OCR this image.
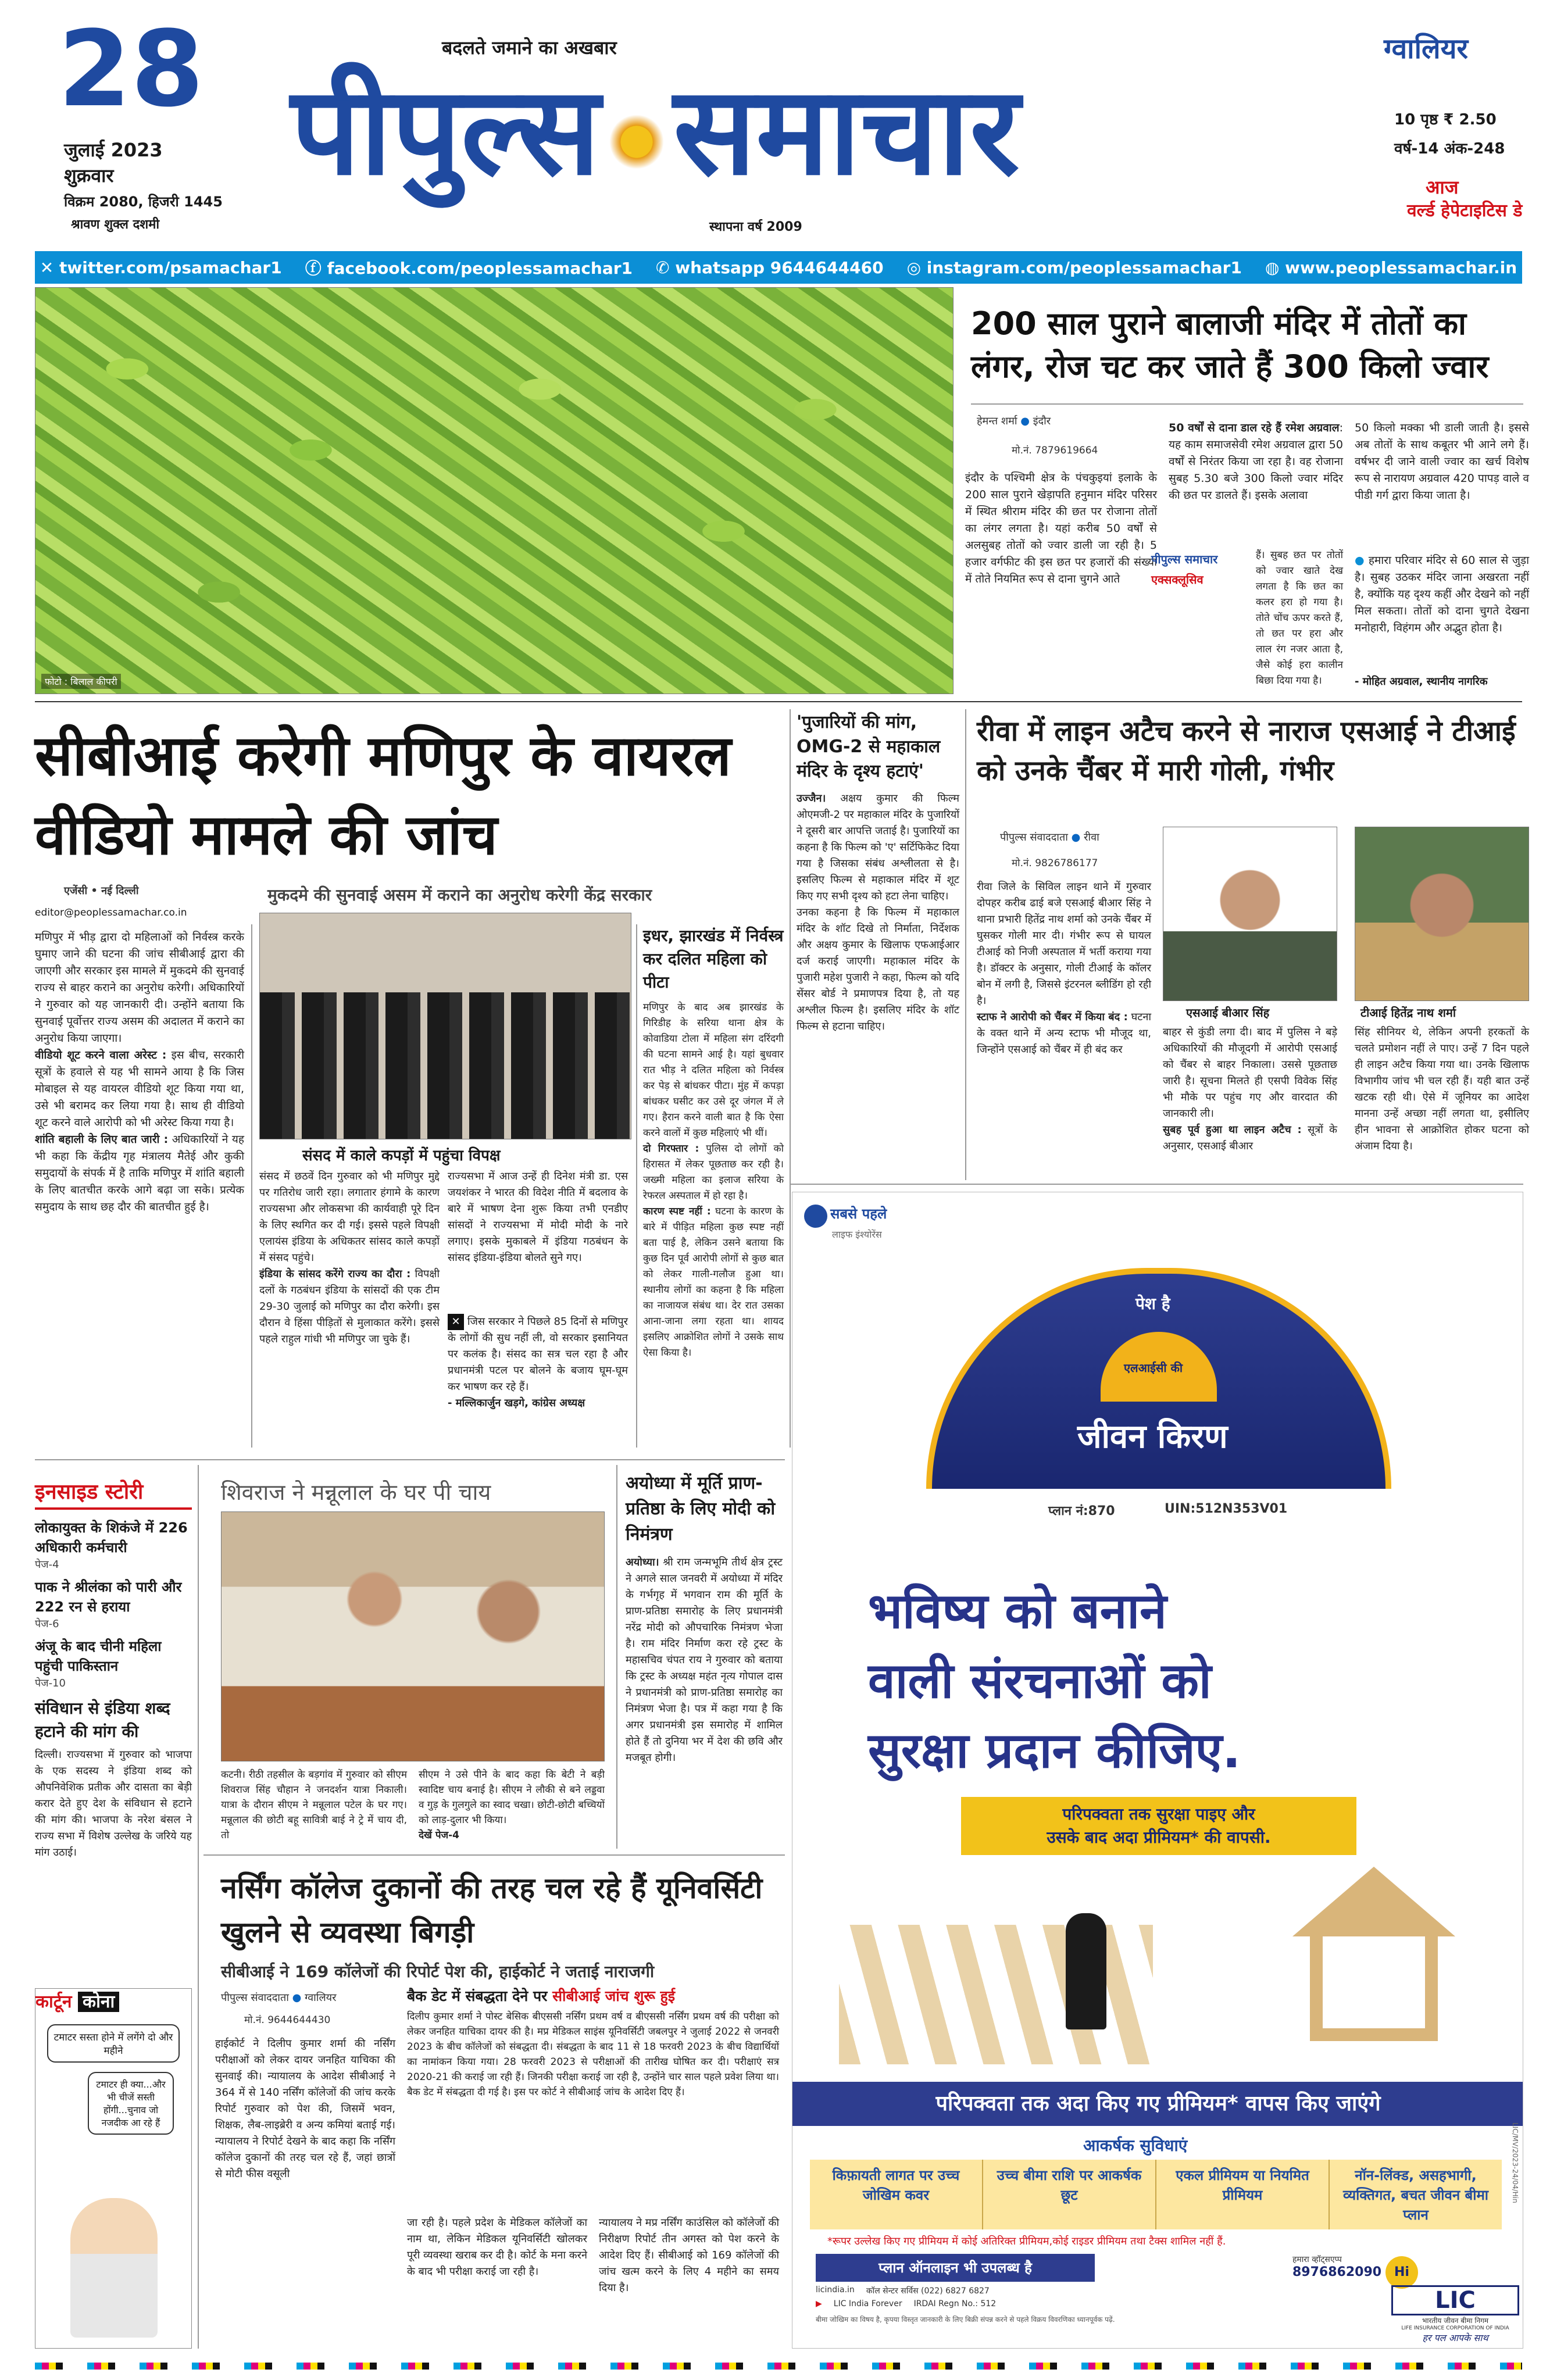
28
जुलाई 2023
शुक्रवार
विक्रम 2080, हिजरी 1445
श्रावण शुक्ल दशमी
बदलते जमाने का अखबार
पीपुल्स समाचार
स्थापना वर्ष 2009
ग्वालियर
10 पृष्ठ ₹ 2.50
वर्ष-14 अंक-248
आज
वर्ल्ड हेपेटाइटिस डे
✕ twitter.com/psamachar1 ⓕ facebook.com/peoplessamachar1 ✆ whatsapp 9644644460 ◎ instagram.com/peoplessamachar1 ◍ www.peoplessamachar.in
फोटो : बिलाल कीपरी
200 साल पुराने बालाजी मंदिर में तोतों का लंगर, रोज चट कर जाते हैं 300 किलो ज्वार
हेमन्त शर्मा ● इंदौर
मो.नं. 7879619664
इंदौर के पश्चिमी क्षेत्र के पंचकुइयां इलाके के 200 साल पुराने खेड़ापति हनुमान मंदिर परिसर में स्थित श्रीराम मंदिर की छत पर रोजाना तोतों का लंगर लगता है। यहां करीब 50 वर्षों से अलसुबह तोतों को ज्वार डाली जा रही है। 5 हजार वर्गफीट की इस छत पर हजारों की संख्या में तोते नियमित रूप से दाना चुगने आते
50 वर्षों से दाना डाल रहे हैं रमेश अग्रवाल: यह काम समाजसेवी रमेश अग्रवाल द्वारा 50 वर्षों से निरंतर किया जा रहा है। वह रोजाना सुबह 5.30 बजे 300 किलो ज्वार मंदिर की छत पर डालते हैं। इसके अलावा
पीपुल्स समाचार
एक्सक्लूसिव
हैं। सुबह छत पर तोतों को ज्वार खाते देख लगता है कि छत का कलर हरा हो गया है। तोते चोंच ऊपर करते हैं, तो छत पर हरा और लाल रंग नजर आता है, जैसे कोई हरा कालीन बिछा दिया गया है।
50 किलो मक्का भी डाली जाती है। इससे अब तोतों के साथ कबूतर भी आने लगे हैं। वर्षभर दी जाने वाली ज्वार का खर्च विशेष रूप से नारायण अग्रवाल 420 पापड़ वाले व पीडी गर्ग द्वारा किया जाता है।
● हमारा परिवार मंदिर से 60 साल से जुड़ा है। सुबह उठकर मंदिर जाना अखरता नहीं है, क्योंकि यह दृश्य कहीं और देखने को नहीं मिल सकता। तोतों को दाना चुगते देखना मनोहारी, विहंगम और अद्भुत होता है।
- मोहित अग्रवाल, स्थानीय नागरिक
सीबीआई करेगी मणिपुर के वायरल वीडियो मामले की जांच
एजेंसी • नई दिल्ली
editor@peoplessamachar.co.in
मुकदमे की सुनवाई असम में कराने का अनुरोध करेगी केंद्र सरकार
मणिपुर में भीड़ द्वारा दो महिलाओं को निर्वस्त्र करके घुमाए जाने की घटना की जांच सीबीआई द्वारा की जाएगी और सरकार इस मामले में मुकदमे की सुनवाई राज्य से बाहर कराने का अनुरोध करेगी। अधिकारियों ने गुरुवार को यह जानकारी दी। उन्होंने बताया कि सुनवाई पूर्वोत्तर राज्य असम की अदालत में कराने का अनुरोध किया जाएगा।
वीडियो शूट करने वाला अरेस्ट : इस बीच, सरकारी सूत्रों के हवाले से यह भी सामने आया है कि जिस मोबाइल से यह वायरल वीडियो शूट किया गया था, उसे भी बरामद कर लिया गया है। साथ ही वीडियो शूट करने वाले आरोपी को भी अरेस्ट किया गया है।
शांति बहाली के लिए बात जारी : अधिकारियों ने यह भी कहा कि केंद्रीय गृह मंत्रालय मैतेई और कुकी समुदायों के संपर्क में है ताकि मणिपुर में शांति बहाली के लिए बातचीत करके आगे बढ़ा जा सके। प्रत्येक समुदाय के साथ छह दौर की बातचीत हुई है।
संसद में काले कपड़ों में पहुंचा विपक्ष
संसद में छठवें दिन गुरुवार को भी मणिपुर मुद्दे पर गतिरोध जारी रहा। लगातार हंगामे के कारण राज्यसभा और लोकसभा की कार्यवाही पूरे दिन के लिए स्थगित कर दी गई। इससे पहले विपक्षी एलायंस इंडिया के अधिकतर सांसद काले कपड़ों में संसद पहुंचे।
इंडिया के सांसद करेंगे राज्य का दौरा : विपक्षी दलों के गठबंधन इंडिया के सांसदों की एक टीम 29-30 जुलाई को मणिपुर का दौरा करेगी। इस दौरान वे हिंसा पीड़ितों से मुलाकात करेंगे। इससे पहले राहुल गांधी भी मणिपुर जा चुके हैं।
राज्यसभा में आज उन्हें ही दिनेश मंत्री डा. एस जयशंकर ने भारत की विदेश नीति में बदलाव के बारे में भाषण देना शुरू किया तभी एनडीए सांसदों ने राज्यसभा में मोदी मोदी के नारे लगाए। इसके मुकाबले में इंडिया गठबंधन के सांसद इंडिया-इंडिया बोलते सुने गए।
✕ जिस सरकार ने पिछले 85 दिनों से मणिपुर के लोगों की सुध नहीं ली, वो सरकार इसानियत पर कलंक है। संसद का सत्र चल रहा है और प्रधानमंत्री पटल पर बोलने के बजाय घूम-घूम कर भाषण कर रहे हैं।
- मल्लिकार्जुन खड़गे, कांग्रेस अध्यक्ष
इधर, झारखंड में निर्वस्त्र कर दलित महिला को पीटा
मणिपुर के बाद अब झारखंड के गिरिडीह के सरिया थाना क्षेत्र के कोवाडिया टोला में महिला संग दरिंदगी की घटना सामने आई है। यहां बुधवार रात भीड़ ने दलित महिला को निर्वस्त्र कर पेड़ से बांधकर पीटा। मुंह में कपड़ा बांधकर घसीट कर उसे दूर जंगल में ले गए। हैरान करने वाली बात है कि ऐसा करने वालों में कुछ महिलाएं भी थीं।
दो गिरफ्तार : पुलिस दो लोगों को हिरासत में लेकर पूछताछ कर रही है। जख्मी महिला का इलाज सरिया के रेफरल अस्पताल में हो रहा है।
कारण स्पष्ट नहीं : घटना के कारण के बारे में पीड़ित महिला कुछ स्पष्ट नहीं बता पाई है, लेकिन उसने बताया कि कुछ दिन पूर्व आरोपी लोगों से कुछ बात को लेकर गाली-गलौज हुआ था। स्थानीय लोगों का कहना है कि महिला का नाजायज संबंध था। देर रात उसका आना-जाना लगा रहता था। शायद इसलिए आक्रोशित लोगों ने उसके साथ ऐसा किया है।
'पुजारियों की मांग, OMG-2 से महाकाल मंदिर के दृश्य हटाएं'
उज्जैन। अक्षय कुमार की फिल्म ओएमजी-2 पर महाकाल मंदिर के पुजारियों ने दूसरी बार आपत्ति जताई है। पुजारियों का कहना है कि फिल्म को 'ए' सर्टिफिकेट दिया गया है जिसका संबंध अश्लीलता से है। इसलिए फिल्म से महाकाल मंदिर में शूट किए गए सभी दृश्य को हटा लेना चाहिए।
उनका कहना है कि फिल्म में महाकाल मंदिर के शॉट दिखे तो निर्माता, निर्देशक और अक्षय कुमार के खिलाफ एफआईआर दर्ज कराई जाएगी। महाकाल मंदिर के पुजारी महेश पुजारी ने कहा, फिल्म को यदि सेंसर बोर्ड ने प्रमाणपत्र दिया है, तो यह अश्लील फिल्म है। इसलिए मंदिर के शॉट फिल्म से हटाना चाहिए।
रीवा में लाइन अटैच करने से नाराज एसआई ने टीआई को उनके चैंबर में मारी गोली, गंभीर
पीपुल्स संवाददाता ● रीवा
मो.नं. 9826786177
एसआई बीआर सिंह	टीआई हितेंद्र नाथ शर्मा
रीवा जिले के सिविल लाइन थाने में गुरुवार दोपहर करीब ढाई बजे एसआई बीआर सिंह ने थाना प्रभारी हितेंद्र नाथ शर्मा को उनके चैंबर में घुसकर गोली मार दी। गंभीर रूप से घायल टीआई को निजी अस्पताल में भर्ती कराया गया है। डॉक्टर के अनुसार, गोली टीआई के कॉलर बोन में लगी है, जिससे इंटरनल ब्लीडिंग हो रही है।
स्टाफ ने आरोपी को चैंबर में किया बंद : घटना के वक्त थाने में अन्य स्टाफ भी मौजूद था, जिन्होंने एसआई को चैंबर में ही बंद कर
बाहर से कुंडी लगा दी। बाद में पुलिस ने बड़े अधिकारियों की मौजूदगी में आरोपी एसआई को चैंबर से बाहर निकाला। उससे पूछताछ जारी है। सूचना मिलते ही एसपी विवेक सिंह भी मौके पर पहुंच गए और वारदात की जानकारी ली।
सुबह पूर्व हुआ था लाइन अटैच : सूत्रों के अनुसार, एसआई बीआर
सिंह सीनियर थे, लेकिन अपनी हरकतों के चलते प्रमोशन नहीं ले पाए। उन्हें 7 दिन पहले ही लाइन अटैच किया गया था। उनके खिलाफ विभागीय जांच भी चल रही हैं। यही बात उन्हें खटक रही थी। ऐसे में जूनियर का आदेश मानना उन्हें अच्छा नहीं लगता था, इसीलिए हीन भावना से आक्रोशित होकर घटना को अंजाम दिया है।
सबसे पहले
लाइफ इंश्योरेंस
पेश है
एलआईसी की
जीवन किरण
प्लान नं:870	UIN:512N353V01
भविष्य को बनाने
वाली संरचनाओं को
सुरक्षा प्रदान कीजिए.
परिपक्वता तक सुरक्षा पाइए और
उसके बाद अदा प्रीमियम* की वापसी.
परिपक्वता तक अदा किए गए प्रीमियम* वापस किए जाएंगे
आकर्षक सुविधाएं
किफ़ायती लागत पर उच्च जोखिम कवर
उच्च बीमा राशि पर आकर्षक छूट
एकल प्रीमियम या नियमित प्रीमियम
नॉन-लिंक्ड, असहभागी, व्यक्तिगत, बचत जीवन बीमा प्लान
*रूपर उल्लेख किए गए प्रीमियम में कोई अतिरिक्त प्रीमियम,कोई राइडर प्रीमियम तथा टैक्स शामिल नहीं हैं.
प्लान ऑनलाइन भी उपलब्ध है
licindia.in कॉल सेन्टर सर्विस (022) 6827 6827
▶ LIC India Forever IRDAI Regn No.: 512
बीमा जोखिम का विषय है, कृपया विस्तृत जानकारी के लिए बिक्री संपन्न करने से पहले विक्रय विवरणिका ध्यानपूर्वक पढ़ें.
हमारा व्हॉट्सएप्प
8976862090 Hi
LIC
भारतीय जीवन बीमा निगम
LIFE INSURANCE CORPORATION OF INDIA
हर पल आपके साथ
LIC/MV/2023-24/04/Hin
इनसाइड स्टोरी
लोकायुक्त के शिकंजे में 226 अधिकारी कर्मचारी
पेज-4
पाक ने श्रीलंका को पारी और 222 रन से हराया
पेज-6
अंजू के बाद चीनी महिला पहुंची पाकिस्तान
पेज-10
संविधान से इंडिया शब्द हटाने की मांग की
दिल्ली। राज्यसभा में गुरुवार को भाजपा के एक सदस्य ने इंडिया शब्द को औपनिवेशिक प्रतीक और दासता का बेड़ी करार देते हुए देश के संविधान से हटाने की मांग की। भाजपा के नरेश बंसल ने राज्य सभा में विशेष उल्लेख के जरिये यह मांग उठाई।
कार्टून कोना
टमाटर सस्ता होने में लगेंगे दो और महीने
टमाटर ही क्या...और भी चीजें सस्ती होंगी...चुनाव जो नजदीक आ रहे हैं
शिवराज ने मन्नूलाल के घर पी चाय
कटनी। रीठी तहसील के बड़गांव में गुरुवार को सीएम शिवराज सिंह चौहान ने जनदर्शन यात्रा निकाली। यात्रा के दौरान सीएम ने मन्नूलाल पटेल के घर गए। मन्नूलाल की छोटी बहू सावित्री बाई ने ट्रे में चाय दी, तो
सीएम ने उसे पीने के बाद कहा कि बेटी ने बड़ी स्वादिष्ट चाय बनाई है। सीएम ने लौकी से बने लड्डवा व गुड़ के गुलगुले का स्वाद चखा। छोटी-छोटी बच्चियों को लाड़-दुलार भी किया।
देखें पेज-4
अयोध्या में मूर्ति प्राण-प्रतिष्ठा के लिए मोदी को निमंत्रण
अयोध्या। श्री राम जन्मभूमि तीर्थ क्षेत्र ट्रस्ट ने अगले साल जनवरी में अयोध्या में मंदिर के गर्भगृह में भगवान राम की मूर्ति के प्राण-प्रतिष्ठा समारोह के लिए प्रधानमंत्री नरेंद्र मोदी को औपचारिक निमंत्रण भेजा है। राम मंदिर निर्माण करा रहे ट्रस्ट के महासचिव चंपत राय ने गुरुवार को बताया कि ट्रस्ट के अध्यक्ष महंत नृत्य गोपाल दास ने प्रधानमंत्री को प्राण-प्रतिष्ठा समारोह का निमंत्रण भेजा है। पत्र में कहा गया है कि अगर प्रधानमंत्री इस समारोह में शामिल होते हैं तो दुनिया भर में देश की छवि और मजबूत होगी।
नर्सिंग कॉलेज दुकानों की तरह चल रहे हैं यूनिवर्सिटी खुलने से व्यवस्था बिगड़ी
सीबीआई ने 169 कॉलेजों की रिपोर्ट पेश की, हाईकोर्ट ने जताई नाराजगी
पीपुल्स संवाददाता ● ग्वालियर
मो.नं. 9644644430
हाईकोर्ट ने दिलीप कुमार शर्मा की नर्सिंग परीक्षाओं को लेकर दायर जनहित याचिका की सुनवाई की। न्यायालय के आदेश सीबीआई ने 364 में से 140 नर्सिंग कॉलेजों की जांच करके रिपोर्ट गुरुवार को पेश की, जिसमें भवन, शिक्षक, लैब-लाइब्रेरी व अन्य कमियां बताई गई। न्यायालय ने रिपोर्ट देखने के बाद कहा कि नर्सिंग कॉलेज दुकानों की तरह चल रहे हैं, जहां छात्रों से मोटी फीस वसूली
बैक डेट में संबद्धता देने पर सीबीआई जांच शुरू हुई
दिलीप कुमार शर्मा ने पोस्ट बेसिक बीएससी नर्सिंग प्रथम वर्ष व बीएससी नर्सिंग प्रथम वर्ष की परीक्षा को लेकर जनहित याचिका दायर की है। मप्र मेडिकल साइंस यूनिवर्सिटी जबलपुर ने जुलाई 2022 से जनवरी 2023 के बीच कॉलेजों को संबद्धता दी। संबद्धता के बाद 11 से 18 फरवरी 2023 के बीच विद्यार्थियों का नामांकन किया गया। 28 फरवरी 2023 से परीक्षाओं की तारीख घोषित कर दी। परीक्षाएं सत्र 2020-21 की कराई जा रही हैं। जिनकी परीक्षा कराई जा रही है, उन्होंने चार साल पहले प्रवेश लिया था। बैक डेट में संबद्धता दी गई है। इस पर कोर्ट ने सीबीआई जांच के आदेश दिए हैं।
जा रही है। पहले प्रदेश के मेडिकल कॉलेजों का नाम था, लेकिन मेडिकल यूनिवर्सिटी खोलकर पूरी व्यवस्था खराब कर दी है। कोर्ट के मना करने के बाद भी परीक्षा कराई जा रही है।
न्यायालय ने मप्र नर्सिंग काउंसिल को कॉलेजों की निरीक्षण रिपोर्ट तीन अगस्त को पेश करने के आदेश दिए हैं। सीबीआई को 169 कॉलेजों की जांच खत्म करने के लिए 4 महीने का समय दिया है।
